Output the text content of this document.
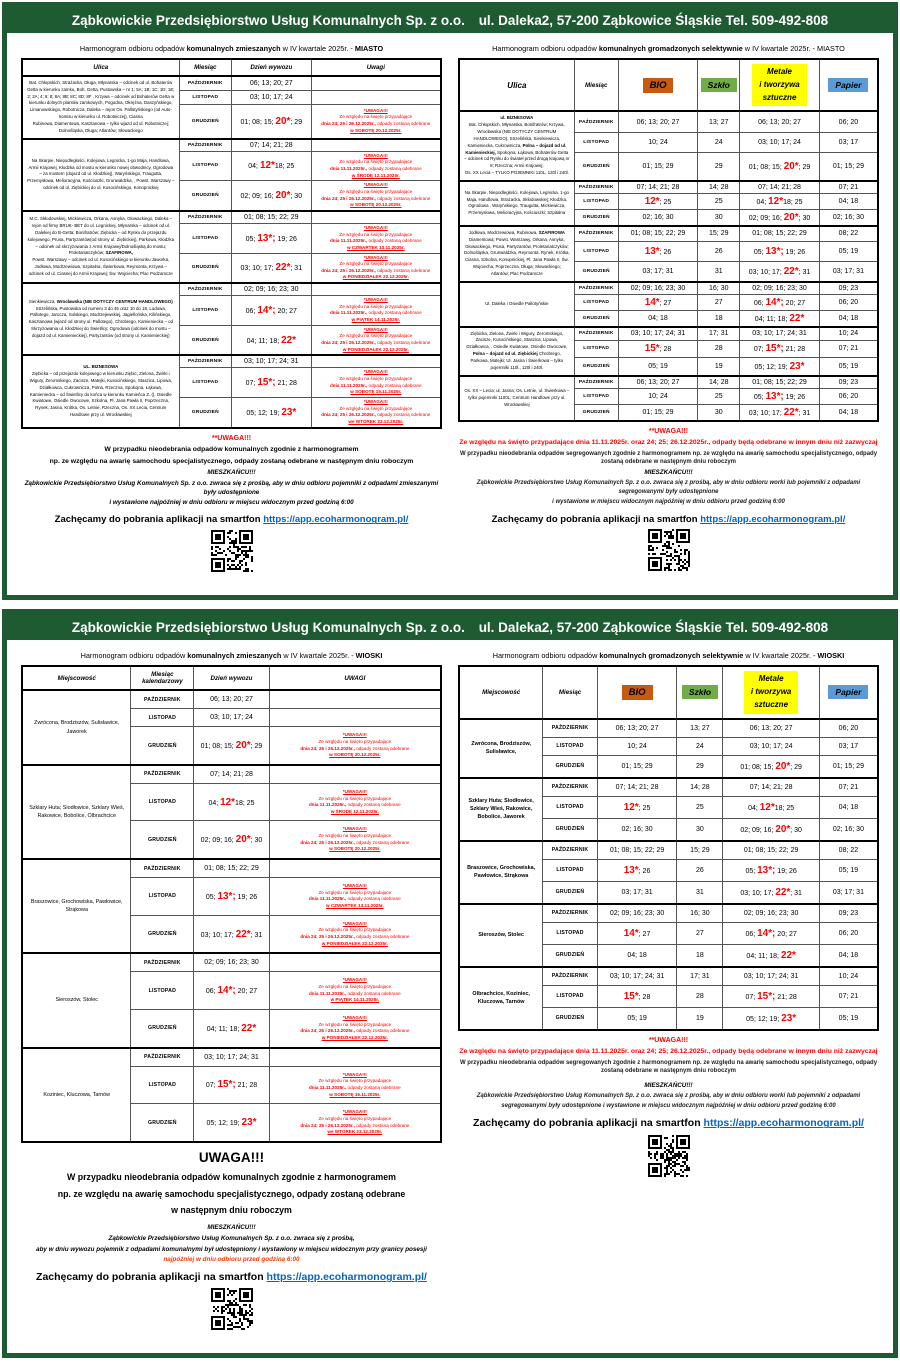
Ząbkowickie Przedsiębiorstwo Usług Komunalnych Sp. z o.o. ul. Daleka2, 57-200 Ząbkowice Śląskie Tel. 509-492-808
Harmonogram odbioru odpadów komunalnych zmieszanych w IV kwartale 2025r. - MIASTO
Ulica	Miesiąc	Dzień wywozu	Uwagi
Bat. Chłopskich, Strażacka, Długa, Młynarska – odcinek od ul. Bohaterów Getta w kierunku zamku, Boh. Getta, Pustowska – nr 1; 5A; 1B; 1C; 1D; 1E; 2; 2A; 4; 6; 8; 8A; 8B; 8C; 8D; 8F , Krzywa – odcinek od Bohaterów Getta w kierunku dolnych plantów zamkowych, Pogodna, Okrężna, Daszyńskiego, Limanowskiego, Robotnicza, Daleka – rejon Os. Pallotyńskiego (od Auto-komisu w kierunku ul. Robotniczej), Ciasna
Rubinowa, Diamentowa, Kasztanowa – tylko wjazd od ul. Robotniczej; Dolnośląska, Długa; Atlantów; Słowackiego	PAŹDZIERNIK	06; 13; 20; 27	
	LISTOPAD	03; 10; 17; 24	
	GRUDZIEŃ	01; 08; 15; 20*; 29	*UWAGA!!!
Ze względu na święto przypadające
dnia 24; 25 i 26.12.2025r., odpady zostaną odebrane
w SOBOTĘ 20.12.2025r.

Na Skarpie, Niepodległości, Kolejowa, Legnicka, 1-go Maja, Handlowa, Armii Krajowej, Kłodzka od mostu w kierunku nowej obwodnicy, Ogrodowa – za mostem (dojazd od ul. Kłodzkiej), Waryńskiego, Traugutta, Przemysłowa, Melioracyjna, Kościuszki, Grunwaldzka, , Powst. Warszawy – odcinek od ul. Ziębickiej do ul. Kusocińskiego, Konopnickiej	PAŹDZIERNIK	07; 14; 21; 28	
	LISTOPAD	04; 12*18; 25	*UWAGA!!!
Ze względu na święto przypadające
dnia 11.11.2025r., odpady zostaną odebrane
w ŚRODĘ 12.11.2025r.

	GRUDZIEŃ	02; 09; 16; 20*; 30	*UWAGA!!!
Ze względu na święto przypadające
dnia 24; 25 i 26.12.2025r., odpady zostaną odebrane
w SOBOTĘ 20.12.2025r.

M.C. Skłodowskiej, Mickiewicza, Orkana, Asnyka, Głowackiego, Daleka – rejon od firmy BRUK- BET do ul. Legnickiej, Młynarska – odcinek od ul. Dalekiej do B-Getta; Bonifratrów; Ziębicka – od Rynku do przejazdu kolejowego, Prusa, Partyzantów(od strony ul. Ziębickiej), Parkowa, Kłodzka – odcinek od skrzyżowania z Armii Krajowej/Dolnośląską do mostu; Proletariatczyków; SZAFIROWA,
Powst. Warszawy – odcinek od ul. Kusocińskiego w kierunku Jaworka, Jodłowa, Modrzewiowa, Szpitalna, Świerkowa, Reymonta, Krzywa – odcinek od ul. Ciasnej do Armii Krajowej; Św. Wojciecha; Plac Podzamcze	PAŹDZIERNIK	01; 08; 15; 22; 29	
	LISTOPAD	05; 13*; 19; 26	*UWAGA!!!
Ze względu na święto przypadające
dnia 11.11.2025r., odpady zostaną odebrane
w CZWARTEK 13.11.2025r.

	GRUDZIEŃ	03; 10; 17; 22*; 31	*UWAGA!!!
Ze względu na święto przypadające
dnia 24; 25 i 26.12.2025r., odpady zostaną odebrane
w PONIEDZIAŁEK 22.12.2025r.

Sienkiewicza, Wrocławska (NIE DOTYCZY CENTRUM HANDLOWEGO) Strzelińska, Pustowska od numeru 3 do 45 oraz 10 do 18, Ludowa, Pallotego, Jarocza, Solskiego, Modrzejewskiej, Jagiellońska, Kilińskiego, Kasztanowa (wjazd od strony ul. Pallotego), Chrobrego, Kamieniecka – od Skrzyżowania ul. Kłodzkiej do Świetlicy; Ogrodowa (odcinek do mostu – dojazd od ul. Kamienieckiej), Partyzantów (od strony ul. Kamienieckiej)	PAŹDZIERNIK	02; 09; 16; 23; 30	
	LISTOPAD	06; 14*; 20; 27	*UWAGA!!!
Ze względu na święto przypadające
dnia 11.11.2025r., odpady zostaną odebrane
w PIĄTEK 14.11.2025r.

	GRUDZIEŃ	04; 11; 18; 22*	*UWAGA!!!
Ze względu na święto przypadające
dnia 24; 25 i 26.12.2025r., odpady zostaną odebrane
w PONIEDZIAŁEK 22.12.2025r.

UL. BIZNESOWA
Ziębicka – od przejazdu kolejowego w kierunku Ziębic, Zielona, Żwirki i Wigury, Żeromskiego, Zacisze, Matejki, Kusocińskiego, Staszica, Lipowa, Działkowca, Cukrownicza, Polna, Rzeczna, Spokojna, Łąkowa, Kamieniecka – od Świetlicy do końca w kierunku Kamieńca Z. (), Osiedle Kwiatowe, Osiedle Owocowe, Szkolna, Pl. Jana Pawła II, Poprzeczna, Rynek, Jasna, Krótka, Os. Letnie, Rzeczna, Os. XX Lecia, Centrum Handlowe przy ul. Wrocławskiej	PAŹDZIERNIK	03; 10; 17; 24; 31	
	LISTOPAD	07; 15*; 21; 28	*UWAGA!!!
Ze względu na święto przypadające
dnia 11.11.2025r., odpady zostaną odebrane
w SOBOTĘ 15.11.2025r.

	GRUDZIEŃ	05; 12; 19; 23*	*UWAGA!!!
Ze względu na święto przypadające
dnia 24; 25 i 26.12.2025r., odpady zostaną odebrane
we WTOREK 23.12.2025r.
**UWAGA!!!
W przypadku nieodebrania odpadów komunalnych zgodnie z harmonogramem
np. ze względu na awarię samochodu specjalistycznego, odpady zostaną odebrane w następnym dniu roboczym
MIESZKAŃCU!!!
Ząbkowickie Przedsiębiorstwo Usług Komunalnych Sp. z o.o. zwraca się z prośbą, aby w dniu odbioru pojemniki z odpadami zmieszanymi były udostępnione
i wystawione najpóźniej w dniu odbioru w miejscu widocznym przed godziną 6:00
Zachęcamy do pobrania aplikacji na smartfon https://app.ecoharmonogram.pl/
Harmonogram odbioru odpadów komunalnych gromadzonych selektywnie w IV kwartale 2025r. - MIASTO
Ulica	Miesiąc	BIO	Szkło	Metale
i tworzywa
sztuczne	Papier
ul. BIZNESOWA
Bat. Chłopskich, Młynarska, Bonifratrów; Krzywa, Wrocławska (NIE DOTYCZY CENTRUM HANDLOWEGO), Strzelińska, Sienkiewicza, Kamieniecka, Cukrownicza, Polna – dojazd od ul. Kamienieckiej, Spokojna, Łąkowa, Bohaterów Getta – odcinek od Rynku do świateł przed drogą krajową nr 8; Rzeczna; Armii Krajowej;
Os. XX Lecia – TYLKO POJEMNIKI 110L, 120l i 240l.	PAŹDZIERNIK	06; 13; 20; 27	13; 27	06; 13; 20; 27	06; 20
	LISTOPAD	10; 24	24	03; 10; 17; 24	03; 17
	GRUDZIEŃ	01; 15; 29	29	01; 08; 15; 20*; 29	01; 15; 29
Na Skarpie, Niepodległości, Kolejowa, Legnicka, 1-go Maja, Handlowa, Strażacka, Skłodowskiej; Kłodzka, Ogrodowa , Waryńskiego, Traugutta, Mickiewicza, Przemysłowa, Melioracyjna, Kościuszki; Szpitalna	PAŹDZIERNIK	07; 14; 21; 28	14; 28	07; 14; 21; 28	07; 21
	LISTOPAD	12*; 25	25	04; 12*18; 25	04; 18
	GRUDZIEŃ	02; 16; 30	30	02; 09; 16; 20*; 30	02; 16; 30
Jodłowa, Modrzewiowa, Rubinowa, SZAFIROWA Diamentowa; Powst. Warszawy, Orkana, Asnyka, Głowackiego, Prusa, Partyzantów, Proletariatczyków; Dolnośląska, Grunwaldzka, Reymonta. Rynek, Krótka, Ciasna, Szkolna, Konopnickiej, Pl. Jana Pawła II, Św. Wojciecha, Poprzeczna, Długa; Słowackiego; Atlantów; Plac Podzamcze	PAŹDZIERNIK	01; 08; 15; 22; 29	15; 29	01; 08; 15; 22; 29	08; 22
	LISTOPAD	13*; 26	26	05; 13*; 19; 26	05; 19
	GRUDZIEŃ	03; 17; 31	31	03; 10; 17; 22*; 31	03; 17; 31
Ul. Daleka i Osiedle Pallotyńskie	PAŹDZIERNIK	02; 09; 16; 23; 30	16; 30	02; 09; 16; 23; 30	09; 23
	LISTOPAD	14*; 27	27	06; 14*; 20; 27	06; 20
	GRUDZIEŃ	04; 18	18	04; 11; 18; 22*	04; 18
Ziębicka, Zielona, Żwirki i Wigury, Żeromskiego, Zacisze, Kusocińskiego, Staszica, Lipowa, Działkowca, , Osiedle Kwiatowe, Osiedle Owocowe, Polna – dojazd od ul. Ziębickiej Chrobrego, Parkowa, Matejki; Ul. Jasna i Świerkowa – tylko pojemniki 110l., 120l i 240l.	PAŹDZIERNIK	03; 10; 17; 24; 31	17; 31	03; 10; 17; 24; 31	10; 24
	LISTOPAD	15*; 28	28	07; 15*; 21; 28	07; 21
	GRUDZIEŃ	05; 19	19	05; 12; 19; 23*	05; 19
Os. XX – Lecia; ul. Jasna; Os. Letnie, ul. Świerkowa – tylko pojemniki 1100L; Centrum Handlowe przy ul. Wrocławskiej	PAŹDZIERNIK	06; 13; 20; 27	14; 28	01; 08; 15; 22; 29	09; 23
	LISTOPAD	10; 24	25	05; 13*; 19; 26	06; 20
	GRUDZIEŃ	01; 15; 29	30	03; 10; 17; 22*; 31	04; 18
**UWAGA!!!
Ze względu na święto przypadające dnia 11.11.2025r. oraz 24; 25; 26.12.2025r., odpady będą odebrane w innym dniu niż zazwyczaj
W przypadku nieodebrania odpadów segregowanych zgodnie z harmonogramem np. ze względu na awarię samochodu specjalistycznego, odpady zostaną odebrane w następnym dniu roboczym
MIESZKAŃCU!!!
Ząbkowickie Przedsiębiorstwo Usług Komunalnych Sp. z o.o. zwraca się z prośbą, aby w dniu odbioru worki lub pojemniki z odpadami segregowanymi były udostępnione
i wystawione w miejscu widocznym najpóźniej w dniu odbioru przed godziną 6:00
Zachęcamy do pobrania aplikacji na smartfon https://app.ecoharmonogram.pl/
Ząbkowickie Przedsiębiorstwo Usług Komunalnych Sp. z o.o. ul. Daleka2, 57-200 Ząbkowice Śląskie Tel. 509-492-808
Harmonogram odbioru odpadów komunalnych zmieszanych w IV kwartale 2025r. - WIOSKI
Miejscowość	Miesiąc
kalendarzowy	Dzień wywozu	UWAGI
Zwrócona, Brodziszów, Sulisławice, Jaworek	PAŹDZIERNIK	06; 13; 20; 27	
	LISTOPAD	03; 10; 17; 24	
	GRUDZIEŃ	01; 08; 15; 20*; 29	*UWAGA!!!
Ze względu na święto przypadające
dnia 24; 25 i 26.12.2025r., odpady zostaną odebrane
w SOBOTĘ 20.12.2025r.

Szklary Huta; Siodłowice, Szklary Wieś, Rakowice, Bobolice, Olbrachcice	PAŹDZIERNIK	07; 14; 21; 28	
	LISTOPAD	04; 12*18; 25	*UWAGA!!!
Ze względu na święto przypadające
dnia 11.11.2025r., odpady zostaną odebrane
w ŚRODĘ 12.11.2025r.

	GRUDZIEŃ	02; 09; 16; 20*; 30	*UWAGA!!!
Ze względu na święto przypadające
dnia 24; 25 i 26.12.2025r., odpady zostaną odebrane
w SOBOTĘ 20.12.2025r.

Braszowice, Grochowiska, Pawłowice, Strąkowa	PAŹDZIERNIK	01; 08; 15; 22; 29	
	LISTOPAD	05; 13*; 19; 26	*UWAGA!!!
Ze względu na święto przypadające
dnia 11.11.2025r., odpady zostaną odebrane
w CZWARTEK 13.11.2025r.

	GRUDZIEŃ	03; 10; 17; 22*; 31	*UWAGA!!!
Ze względu na święto przypadające
dnia 24; 25 i 26.12.2025r., odpady zostaną odebrane
w PONIEDZIAŁEK 22.12.2025r.

Sieroszów, Stolec	PAŹDZIERNIK	02; 09; 16; 23; 30	
	LISTOPAD	06; 14*; 20; 27	*UWAGA!!!
Ze względu na święto przypadające
dnia 11.11.2025r., odpady zostaną odebrane
w PIĄTEK 14.11.2025r.

	GRUDZIEŃ	04; 11; 18; 22*	*UWAGA!!!
Ze względu na święto przypadające
dnia 24; 25 i 26.12.2025r., odpady zostaną odebrane
w PONIEDZIAŁEK 22.12.2025r.

Koziniec, Kluczowa, Tarnów	PAŹDZIERNIK	03; 10; 17; 24; 31	
	LISTOPAD	07; 15*; 21; 28	*UWAGA!!!
Ze względu na święto przypadające
dnia 11.11.2025r., odpady zostaną odebrane
w SOBOTĘ 15.11.2025r.

	GRUDZIEŃ	05; 12; 19; 23*	*UWAGA!!!
Ze względu na święto przypadające
dnia 24; 25 i 26.12.2025r., odpady zostaną odebrane
we WTOREK 23.12.2025r.
UWAGA!!!
W przypadku nieodebrania odpadów komunalnych zgodnie z harmonogramem
np. ze względu na awarię samochodu specjalistycznego, odpady zostaną odebrane
w następnym dniu roboczym
MIESZKAŃCU!!!
Ząbkowickie Przedsiębiorstwo Usług Komunalnych Sp. z o.o. zwraca się z prośbą,
aby w dniu wywozu pojemnik z odpadami komunalnymi był udostępniony i wystawiony w miejscu widocznym przy granicy posesji
najpóźniej w dniu odbioru przed godziną 6:00
Zachęcamy do pobrania aplikacji na smartfon https://app.ecoharmonogram.pl/
Harmonogram odbioru odpadów komunalnych gromadzonych selektywnie w IV kwartale 2025r. - WIOSKI
Miejscowość	Miesiąc	BIO	Szkło	Metale
i tworzywa
sztuczne	Papier
Zwrócona, Brodziszów, Sulisławice,	PAŹDZIERNIK	06; 13; 20; 27	13; 27	06; 13; 20; 27	06; 20
	LISTOPAD	10; 24	24	03; 10; 17; 24	03; 17
	GRUDZIEŃ	01; 15; 29	29	01; 08; 15; 20*; 29	01; 15; 29
Szklary Huta; Siodłowice, Szklary Wieś, Rakowice, Bobolice, Jaworek	PAŹDZIERNIK	07; 14; 21; 28	14; 28	07; 14; 21; 28	07; 21
	LISTOPAD	12*; 25	25	04; 12*18; 25	04; 18
	GRUDZIEŃ	02; 16; 30	30	02; 09; 16; 20*; 30	02; 16; 30
Braszowice, Grochowiska, Pawłowice, Strąkowa	PAŹDZIERNIK	01; 08; 15; 22; 29	15; 29	01; 08; 15; 22; 29	08; 22
	LISTOPAD	13*; 26	26	05; 13*; 19; 26	05; 19
	GRUDZIEŃ	03; 17; 31	31	03; 10; 17; 22*; 31	03; 17; 31
Sieroszów, Stolec	PAŹDZIERNIK	02; 09; 16; 23; 30	16; 30	02; 09; 16; 23; 30	09; 23
	LISTOPAD	14*; 27	27	06; 14*; 20; 27	06; 20
	GRUDZIEŃ	04; 18	18	04; 11; 18; 22*	04; 18
Olbrachcice, Koziniec, Kluczowa, Tarnów	PAŹDZIERNIK	03; 10; 17; 24; 31	17; 31	03; 10; 17; 24; 31	10; 24
	LISTOPAD	15*; 28	28	07; 15*; 21; 28	07; 21
	GRUDZIEŃ	05; 19	19	05; 12; 19; 23*	05; 19
**UWAGA!!!
Ze względu na święto przypadające dnia 11.11.2025r. oraz 24; 25; 26.12.2025r., odpady będą odebrane w innym dniu niż zazwyczaj
W przypadku nieodebrania odpadów segregowanych zgodnie z harmonogramem np. ze względu na awarię samochodu specjalistycznego, odpady zostaną odebrane w następnym dniu roboczym
MIESZKAŃCU!!!
Ząbkowickie Przedsiębiorstwo Usług Komunalnych Sp. z o.o. zwraca się z prośbą, aby w dniu odbioru worki lub pojemniki z odpadami
segregowanymi były udostępnione i wystawione w miejscu widocznym najpóźniej w dniu odbioru przed godziną 6:00
Zachęcamy do pobrania aplikacji na smartfon https://app.ecoharmonogram.pl/
